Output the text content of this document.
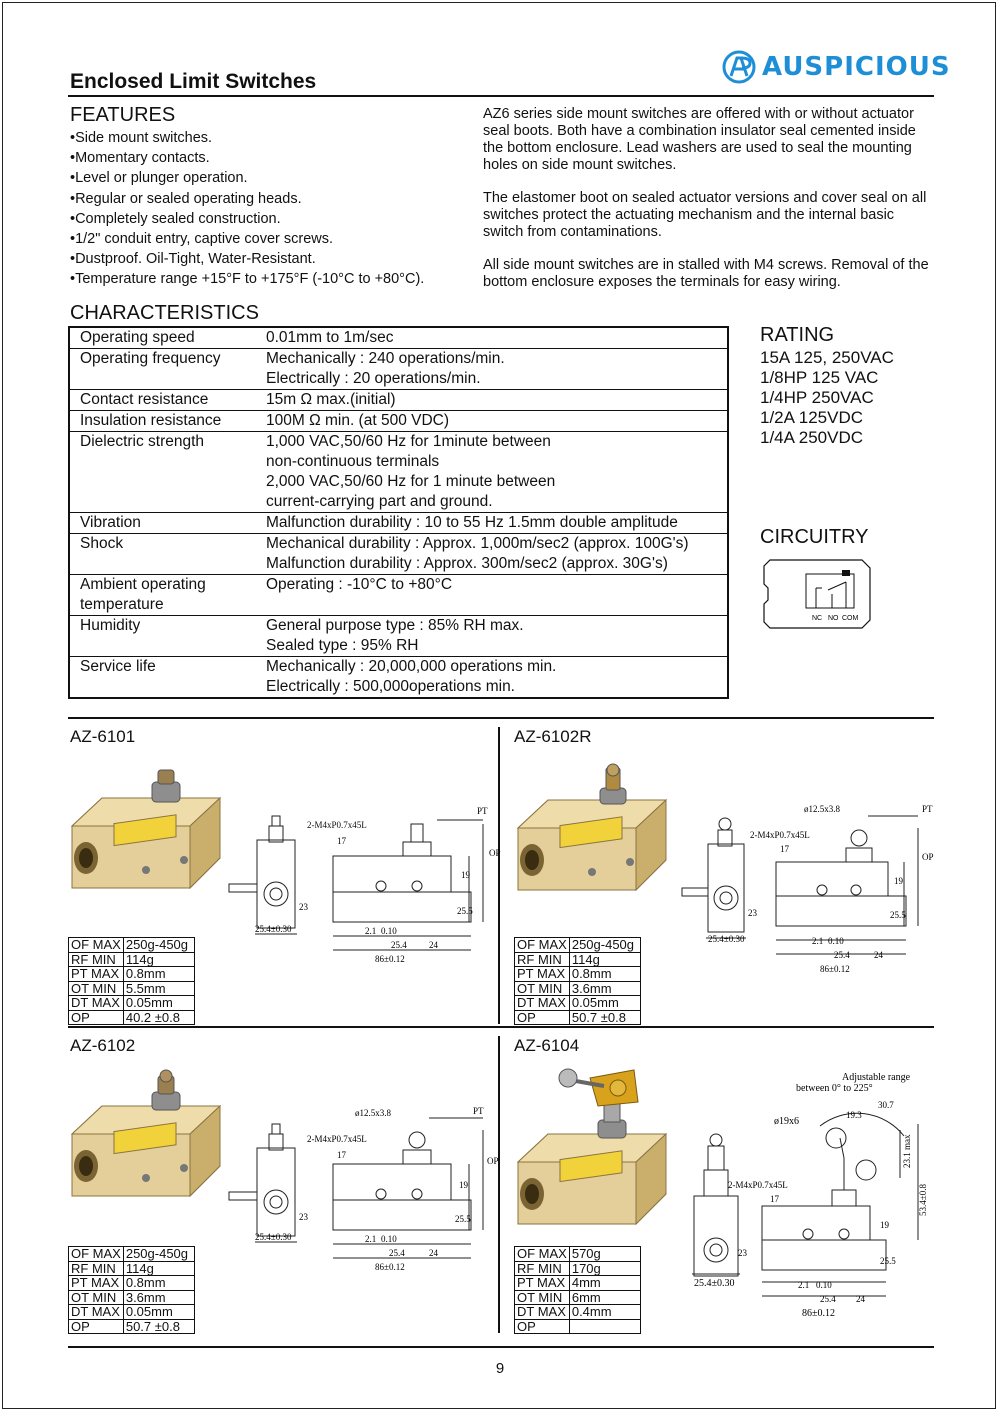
Enclosed Limit Switches	AUSPICIOUS
FEATURES
• Side mount switches.
• Momentary contacts.
• Level or plunger operation.
• Regular or sealed operating heads.
• Completely sealed construction.
• 1/2" conduit entry, captive cover screws.
• Dustproof. Oil-Tight, Water-Resistant.
• Temperature range +15°F to +175°F (-10°C to +80°C).
AZ6 series side mount switches are offered with or without actuator seal boots. Both have a combination insulator seal cemented inside the bottom enclosure. Lead washers are used to seal the mounting holes on side mount switches.
The elastomer boot on sealed actuator versions and cover seal on all switches protect the actuating mechanism and the internal basic switch from contaminations.
All side mount switches are in stalled with M4 screws. Removal of the bottom enclosure exposes the terminals for easy wiring.
CHARACTERISTICS
Operating speed	0.01mm to 1m/sec

Operating frequency	Mechanically : 240 operations/min.
Electrically : 20 operations/min.

Contact resistance	15m Ω max.(initial)

Insulation resistance	100M Ω min. (at 500 VDC)

Dielectric strength	1,000 VAC,50/60 Hz for 1minute between
non-continuous terminals
2,000 VAC,50/60 Hz for 1 minute between
current-carrying part and ground.

Vibration	Malfunction durability : 10 to 55 Hz 1.5mm double amplitude

Shock	Mechanical durability : Approx. 1,000m/sec2 (approx. 100G's)
Malfunction durability : Approx. 300m/sec2 (approx. 30G's)

Ambient operating temperature	Operating : -10°C to +80°C

Humidity	General purpose type : 85% RH max.
Sealed type : 95% RH

Service life	Mechanically : 20,000,000 operations min.
Electrically : 500,000operations min.
RATING
15A 125, 250VAC
1/8HP 125 VAC
1/4HP 250VAC
1/2A 125VDC
1/4A 250VDC
CIRCUITRY
NC NO COM
AZ-6101
2-M4xP0.7x45L
17
19
25.5
OP
PT
23
25.4±0.30	2.1 0.10
25.4 24
86±0.12
OF MAX	250g-450g
RF MIN	114g
PT MAX	0.8mm
OT MIN	5.5mm
DT MAX	0.05mm
OP	40.2 ±0.8
AZ-6102R
ø12.5x3.8
2-M4xP0.7x45L
17
19
25.5
OP
PT
23
25.4±0.30	2.1 0.10
25.4	24
86±0.12
OF MAX	250g-450g
RF MIN	114g
PT MAX	0.8mm
OT MIN	3.6mm
DT MAX	0.05mm
OP	50.7 ±0.8
AZ-6102
ø12.5x3.8
2-M4xP0.7x45L
17
19
25.5
OP
PT
23
25.4±0.30	2.1 0.10
25.4	24
86±0.12
OF MAX	250g-450g
RF MIN	114g
PT MAX	0.8mm
OT MIN	3.6mm
DT MAX	0.05mm
OP	50.7 ±0.8
AZ-6104
Adjustable range
between 0° to 225°
ø19x6
19.3
30.7
23.1 max
53.4±0.8
2-M4xP0.7x45L
17
19
25.5
23
25.4±0.30	2.1 0.10
25.4 24
86±0.12
OF MAX	570g
RF MIN	170g
PT MAX	4mm
OT MIN	6mm
DT MAX	0.4mm
OP	
9
